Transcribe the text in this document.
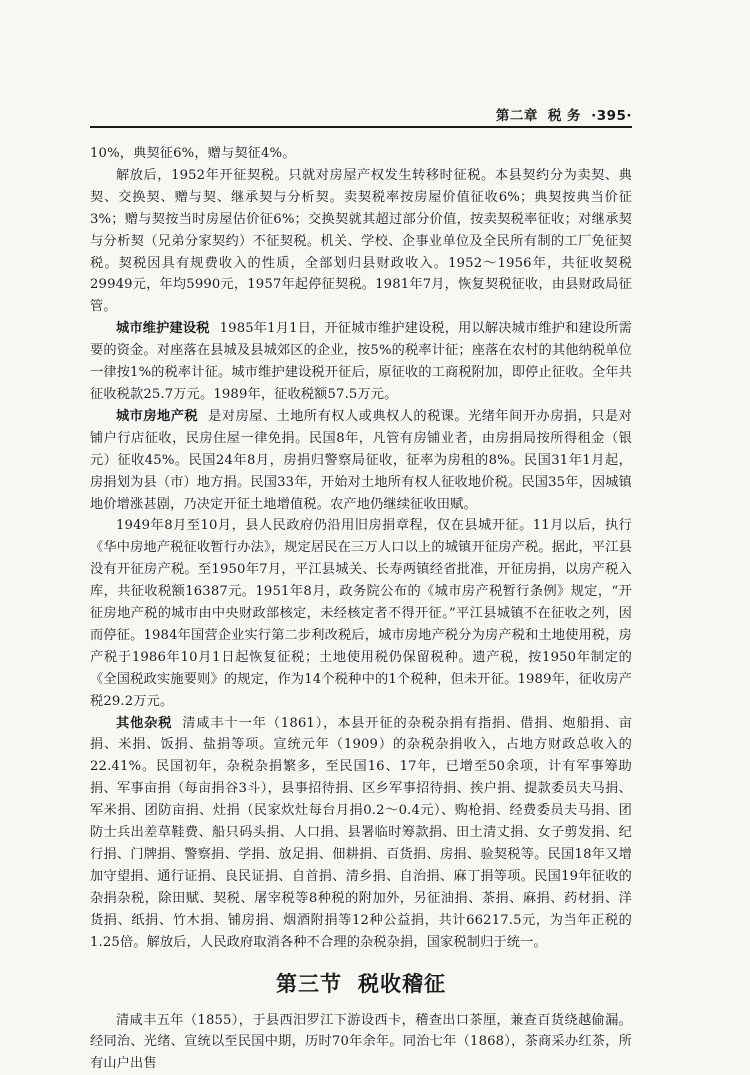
第二章 税 务 ·395·

10%，典契征6%，赠与契征4%。

解放后，1952年开征契税。只就对房屋产权发生转移时征税。本县契约分为卖契、典契、交换契、赠与契、继承契与分析契。卖契税率按房屋价值征收6%；典契按典当价征3%；赠与契按当时房屋估价征6%；交换契就其超过部分价值，按卖契税率征收；对继承契与分析契（兄弟分家契约）不征契税。机关、学校、企事业单位及全民所有制的工厂免征契税。契税因具有规费收入的性质，全部划归县财政收入。1952～1956年，共征收契税29949元，年均5990元，1957年起停征契税。1981年7月，恢复契税征收，由县财政局征管。

城市维护建设税 1985年1月1日，开征城市维护建设税，用以解决城市维护和建设所需要的资金。对座落在县城及县城郊区的企业，按5%的税率计征；座落在农村的其他纳税单位一律按1%的税率计征。城市维护建设税开征后，原征收的工商税附加，即停止征收。全年共征收税款25.7万元。1989年，征收税额57.5万元。

城市房地产税 是对房屋、土地所有权人或典权人的税课。光绪年间开办房捐，只是对铺户行店征收，民房住屋一律免捐。民国8年，凡管有房铺业者，由房捐局按所得租金（银元）征收45%。民国24年8月，房捐归警察局征收，征率为房租的8%。民国31年1月起，房捐划为县（市）地方捐。民国33年，开始对土地所有权人征收地价税。民国35年，因城镇地价增涨甚剧，乃决定开征土地增值税。农产地仍继续征收田赋。

1949年8月至10月，县人民政府仍沿用旧房捐章程，仅在县城开征。11月以后，执行《华中房地产税征收暂行办法》，规定居民在三万人口以上的城镇开征房产税。据此，平江县没有开征房产税。至1950年7月，平江县城关、长寿两镇经省批准，开征房捐，以房产税入库，共征收税额16387元。1951年8月，政务院公布的《城市房产税暂行条例》规定，“开征房地产税的城市由中央财政部核定，未经核定者不得开征。”平江县城镇不在征收之列，因而停征。1984年国营企业实行第二步利改税后，城市房地产税分为房产税和土地使用税，房产税于1986年10月1日起恢复征税；土地使用税仍保留税种。遗产税，按1950年制定的《全国税政实施要则》的规定，作为14个税种中的1个税种，但未开征。1989年，征收房产税29.2万元。

其他杂税 清咸丰十一年（1861），本县开征的杂税杂捐有指捐、借捐、炮船捐、亩捐、米捐、饭捐、盐捐等项。宣统元年（1909）的杂税杂捐收入，占地方财政总收入的22.41%。民国初年，杂税杂捐繁多，至民国16、17年，已增至50余项，计有军事筹助捐、军事亩捐（每亩捐谷3斗），县事招待捐、区乡军事招待捐、挨户捐、提款委员夫马捐、军米捐、团防亩捐、灶捐（民家炊灶每台月捐0.2～0.4元）、购枪捐、经费委员夫马捐、团防士兵出差草鞋费、船只码头捐、人口捐、县署临时筹款捐、田土清丈捐、女子剪发捐、纪行捐、门牌捐、警察捐、学捐、放足捐、佃耕捐、百货捐、房捐、验契税等。民国18年又增加守望捐、通行证捐、良民证捐、自首捐、清乡捐、自治捐、麻丁捐等项。民国19年征收的杂捐杂税，除田赋、契税、屠宰税等8种税的附加外，另征油捐、茶捐、麻捐、药材捐、洋货捐、纸捐、竹木捐、铺房捐、烟酒附捐等12种公益捐，共计66217.5元，为当年正税的1.25倍。解放后，人民政府取消各种不合理的杂税杂捐，国家税制归于统一。

第三节 税收稽征

清咸丰五年（1855），于县西汨罗江下游设西卡，稽查出口茶厘，兼查百货绕越偷漏。经同治、光绪、宣统以至民国中期，历时70年余年。同治七年（1868），茶商采办红茶，所有山户出售
